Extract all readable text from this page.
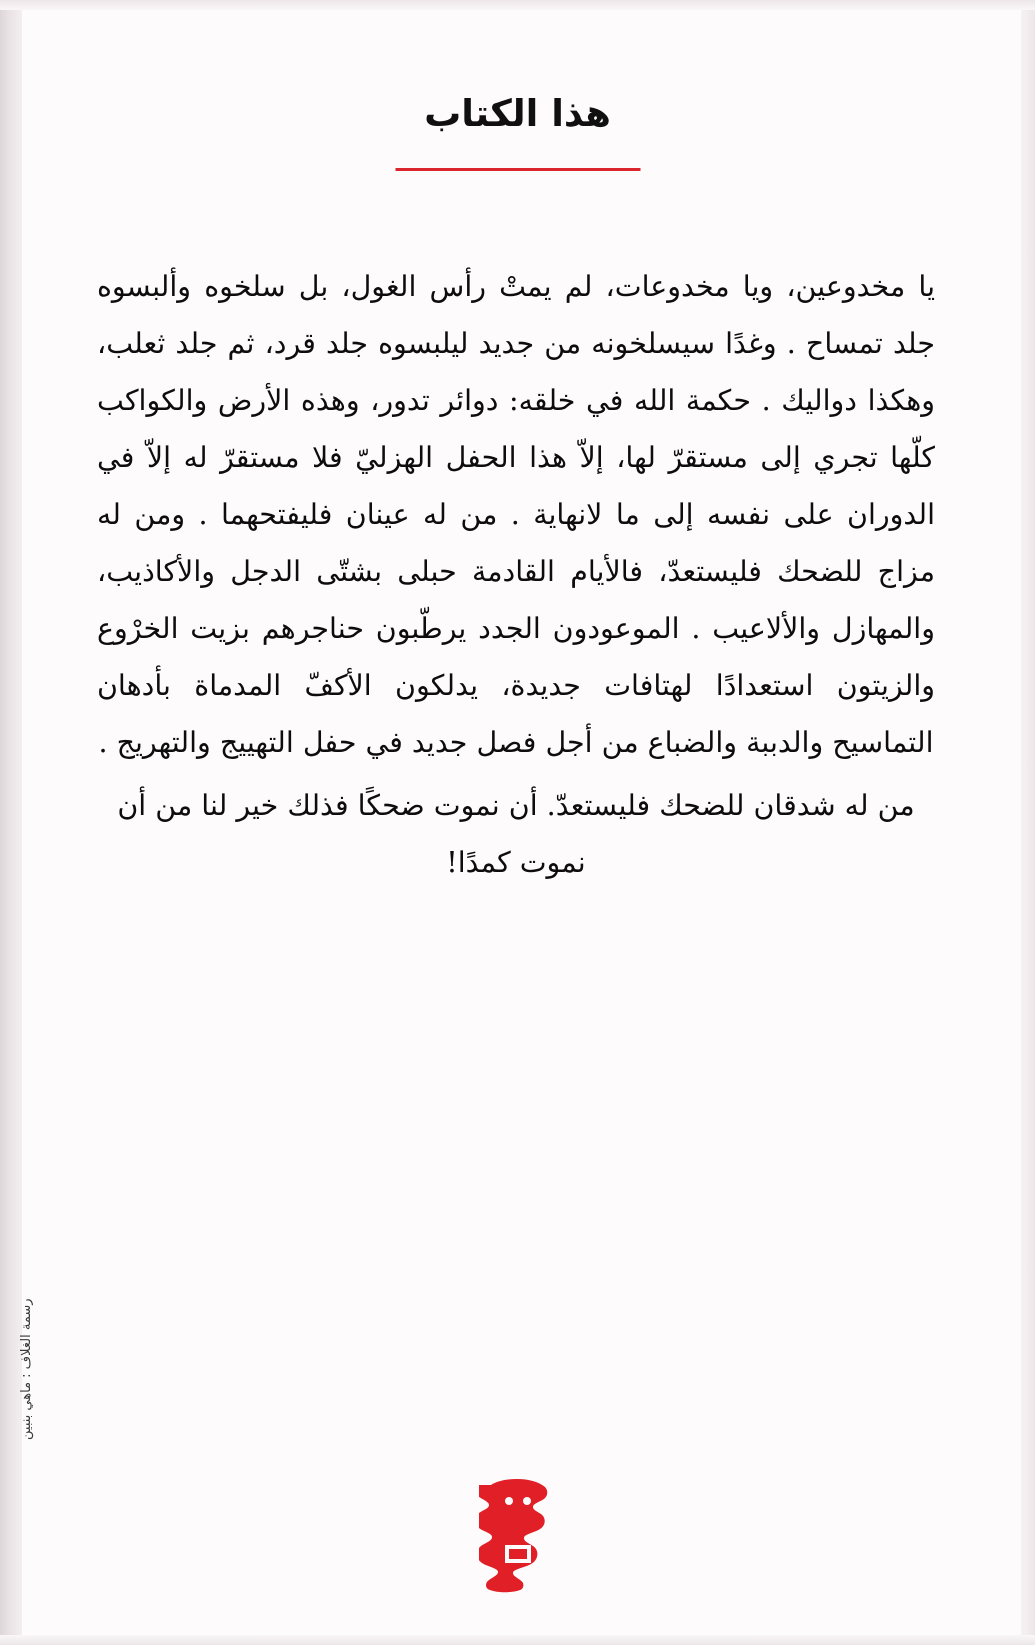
هذا الكتاب

يا مخدوعين، ويا مخدوعات، لم يمتْ رأس الغول، بل سلخوه وألبسوه جلد تمساح . وغدًا سيسلخونه من جديد ليلبسوه جلد قرد، ثم جلد ثعلب، وهكذا دواليك . حكمة الله في خلقه: دوائر تدور، وهذه الأرض والكواكب كلّها تجري إلى مستقرّ لها، إلاّ هذا الحفل الهزليّ فلا مستقرّ له إلاّ في الدوران على نفسه إلى ما لانهاية . من له عينان فليفتحهما . ومن له مزاج للضحك فليستعدّ، فالأيام القادمة حبلى بشتّى الدجل والأكاذيب، والمهازل والألاعيب . الموعودون الجدد يرطّبون حناجرهم بزيت الخرْوع والزيتون استعدادًا لهتافات جديدة، يدلكون الأكفّ المدماة بأدهان التماسيح والدببة والضباع من أجل فصل جديد في حفل التهييج والتهريج .

من له شدقان للضحك فليستعدّ. أن نموت ضحكًا فذلك خير لنا من أن نموت كمدًا!

رسمة الغلاف : ماهي بنبين
